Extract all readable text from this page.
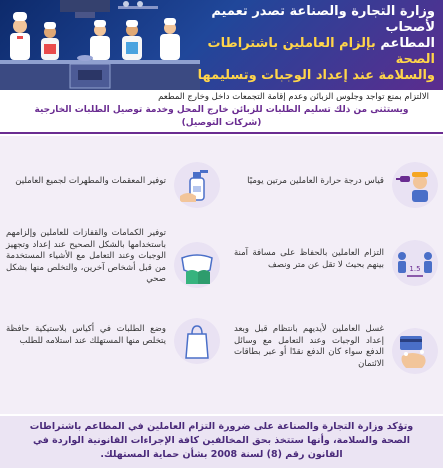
وزارة التجارة والصناعة تصدر تعميم لأصحاب
المطاعم بإلزام العاملين باشتراطات الصحة
والسلامة عند إعداد الوجبات وتسليمها
الالتزام بمنع تواجد وجلوس الزبائن وعدم إقامة التجمعات داخل وخارج المطعم
ويستثنى من ذلك تسليم الطلبات للزبائن خارج المحل وخدمة توصيل الطلبات الخارجية
(شركات التوصيل)
قياس درجة حرارة العاملين مرتين يوميًا
توفير المعقمات والمطهرات لجميع العاملين
1.5
التزام العاملين بالحفاظ على مسافة آمنة بينهم بحيث لا تقل عن متر ونصف
توفير الكمامات والقفازات للعاملين وإلزامهم باستخدامها بالشكل الصحيح عند إعداد وتجهيز الوجبات وعند التعامل مع الأشياء المستخدمة من قبل أشخاص آخرين، والتخلص منها بشكل صحي
غسل العاملين لأيديهم بانتظام قبل وبعد إعداد الوجبات وعند التعامل مع وسائل الدفع سواء كان الدفع نقدًا أو عبر بطاقات الائتمان
وضع الطلبات في أكياس بلاستيكية حافظة يتخلص منها المستهلك عند استلامه للطلب
وتؤكد وزارة التجارة والصناعة على ضرورة التزام العاملين في المطاعم باشتراطات الصحة والسلامة، وأنها ستتخذ بحق المخالفين كافة الإجراءات القانونية الواردة في القانون رقم (8) لسنة 2008 بشأن حماية المستهلك.
